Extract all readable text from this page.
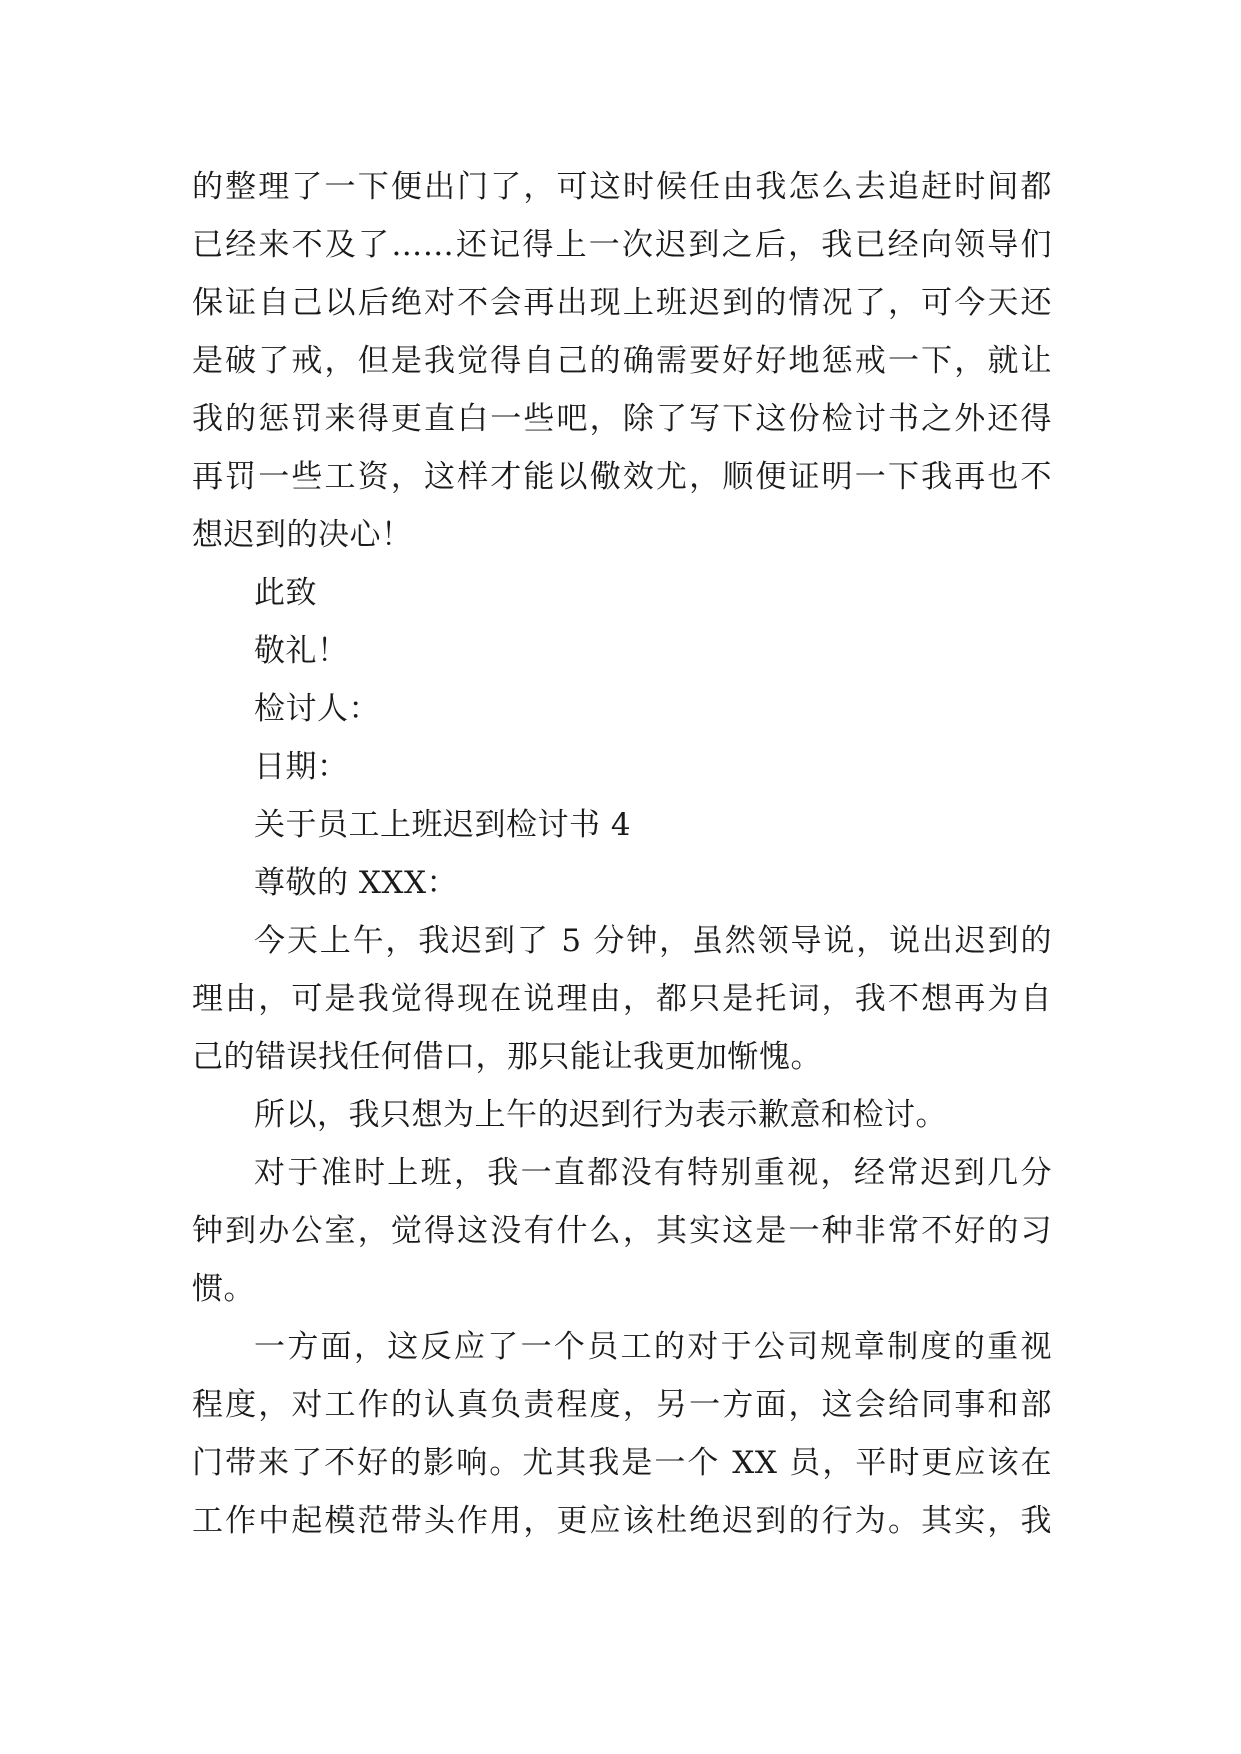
的整理了一下便出门了，可这时候任由我怎么去追赶时间都
已经来不及了……还记得上一次迟到之后，我已经向领导们
保证自己以后绝对不会再出现上班迟到的情况了，可今天还
是破了戒，但是我觉得自己的确需要好好地惩戒一下，就让
我的惩罚来得更直白一些吧，除了写下这份检讨书之外还得
再罚一些工资，这样才能以儆效尤，顺便证明一下我再也不
想迟到的决心！
此致
敬礼！
检讨人：
日期：
关于员工上班迟到检讨书 4
尊敬的 XXX：
今天上午，我迟到了 5 分钟，虽然领导说，说出迟到的
理由，可是我觉得现在说理由，都只是托词，我不想再为自
己的错误找任何借口，那只能让我更加惭愧。
所以，我只想为上午的迟到行为表示歉意和检讨。
对于准时上班，我一直都没有特别重视，经常迟到几分
钟到办公室，觉得这没有什么，其实这是一种非常不好的习
惯。
一方面，这反应了一个员工的对于公司规章制度的重视
程度，对工作的认真负责程度，另一方面，这会给同事和部
门带来了不好的影响。尤其我是一个 XX 员，平时更应该在
工作中起模范带头作用，更应该杜绝迟到的行为。其实，我
